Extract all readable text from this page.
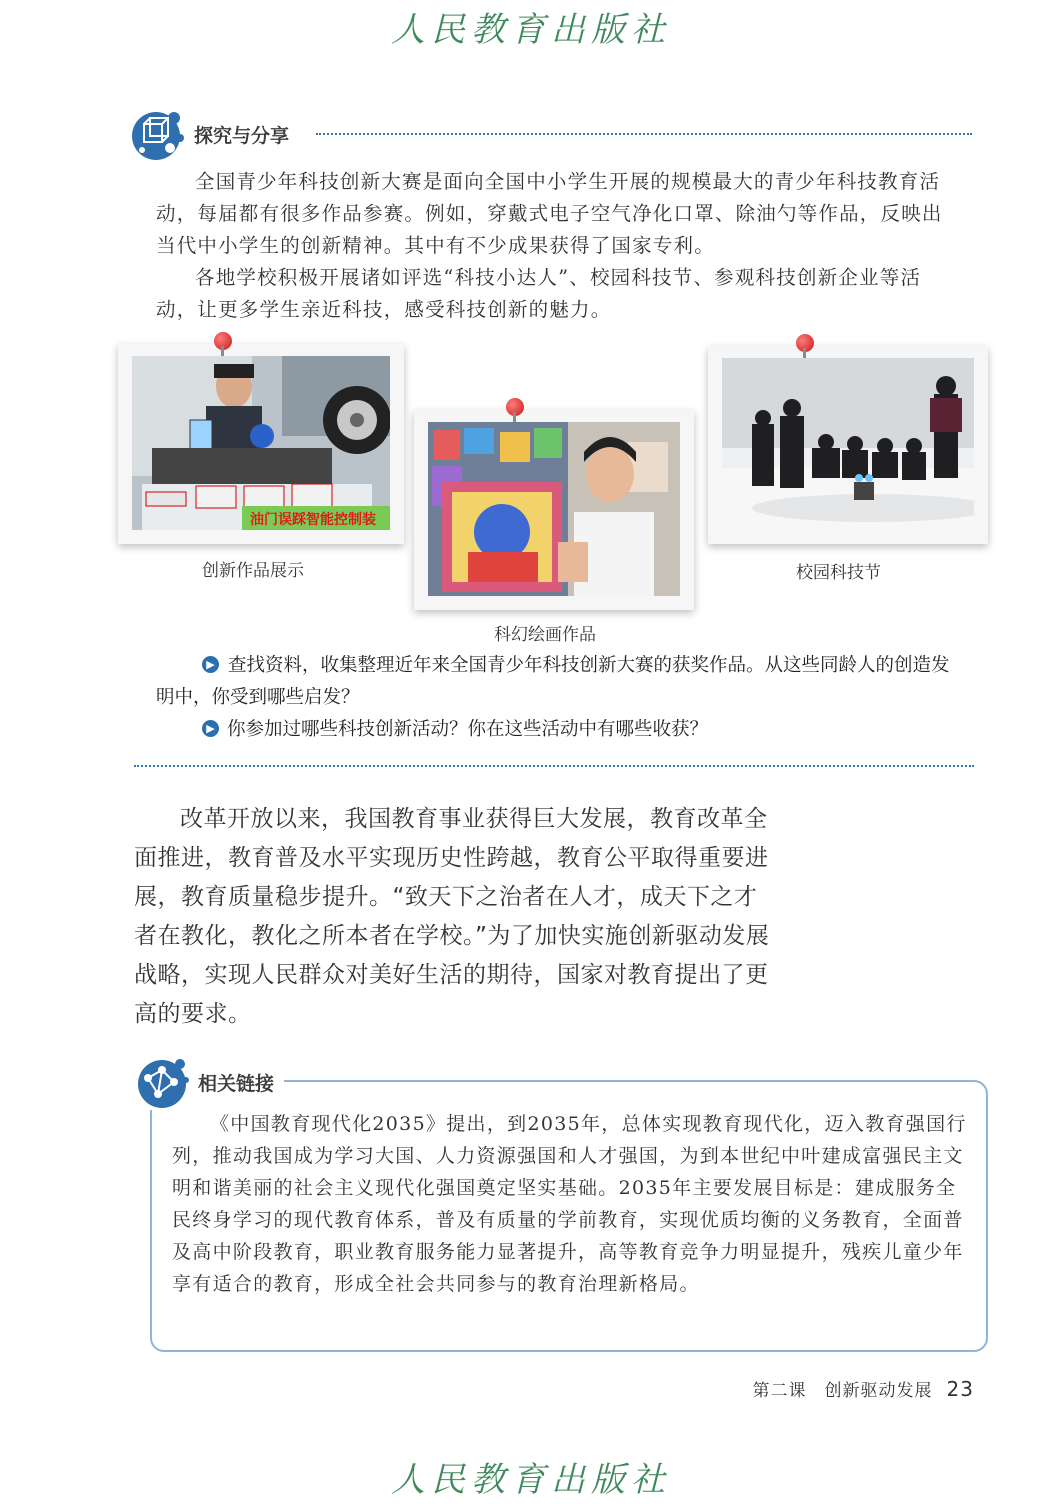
人民教育出版社
探究与分享

全国青少年科技创新大赛是面向全国中小学生开展的规模最大的青少年科技教育活动，每届都有很多作品参赛。例如，穿戴式电子空气净化口罩、除油勺等作品，反映出当代中小学生的创新精神。其中有不少成果获得了国家专利。

各地学校积极开展诸如评选“科技小达人”、校园科技节、参观科技创新企业等活动，让更多学生亲近科技，感受科技创新的魅力。

油门误踩智能控制装
创新作品展示
科幻绘画作品
校园科技节
▶ 查找资料，收集整理近年来全国青少年科技创新大赛的获奖作品。从这些同龄人的创造发明中，你受到哪些启发？
▶ 你参加过哪些科技创新活动？你在这些活动中有哪些收获？

改革开放以来，我国教育事业获得巨大发展，教育改革全面推进，教育普及水平实现历史性跨越，教育公平取得重要进展，教育质量稳步提升。“致天下之治者在人才，成天下之才者在教化，教化之所本者在学校。”为了加快实施创新驱动发展战略，实现人民群众对美好生活的期待，国家对教育提出了更高的要求。

相关链接

《中国教育现代化2035》提出，到2035年，总体实现教育现代化，迈入教育强国行列，推动我国成为学习大国、人力资源强国和人才强国，为到本世纪中叶建成富强民主文明和谐美丽的社会主义现代化强国奠定坚实基础。2035年主要发展目标是：建成服务全民终身学习的现代教育体系，普及有质量的学前教育，实现优质均衡的义务教育，全面普及高中阶段教育，职业教育服务能力显著提升，高等教育竞争力明显提升，残疾儿童少年享有适合的教育，形成全社会共同参与的教育治理新格局。

第二课　创新驱动发展 23
人民教育出版社
